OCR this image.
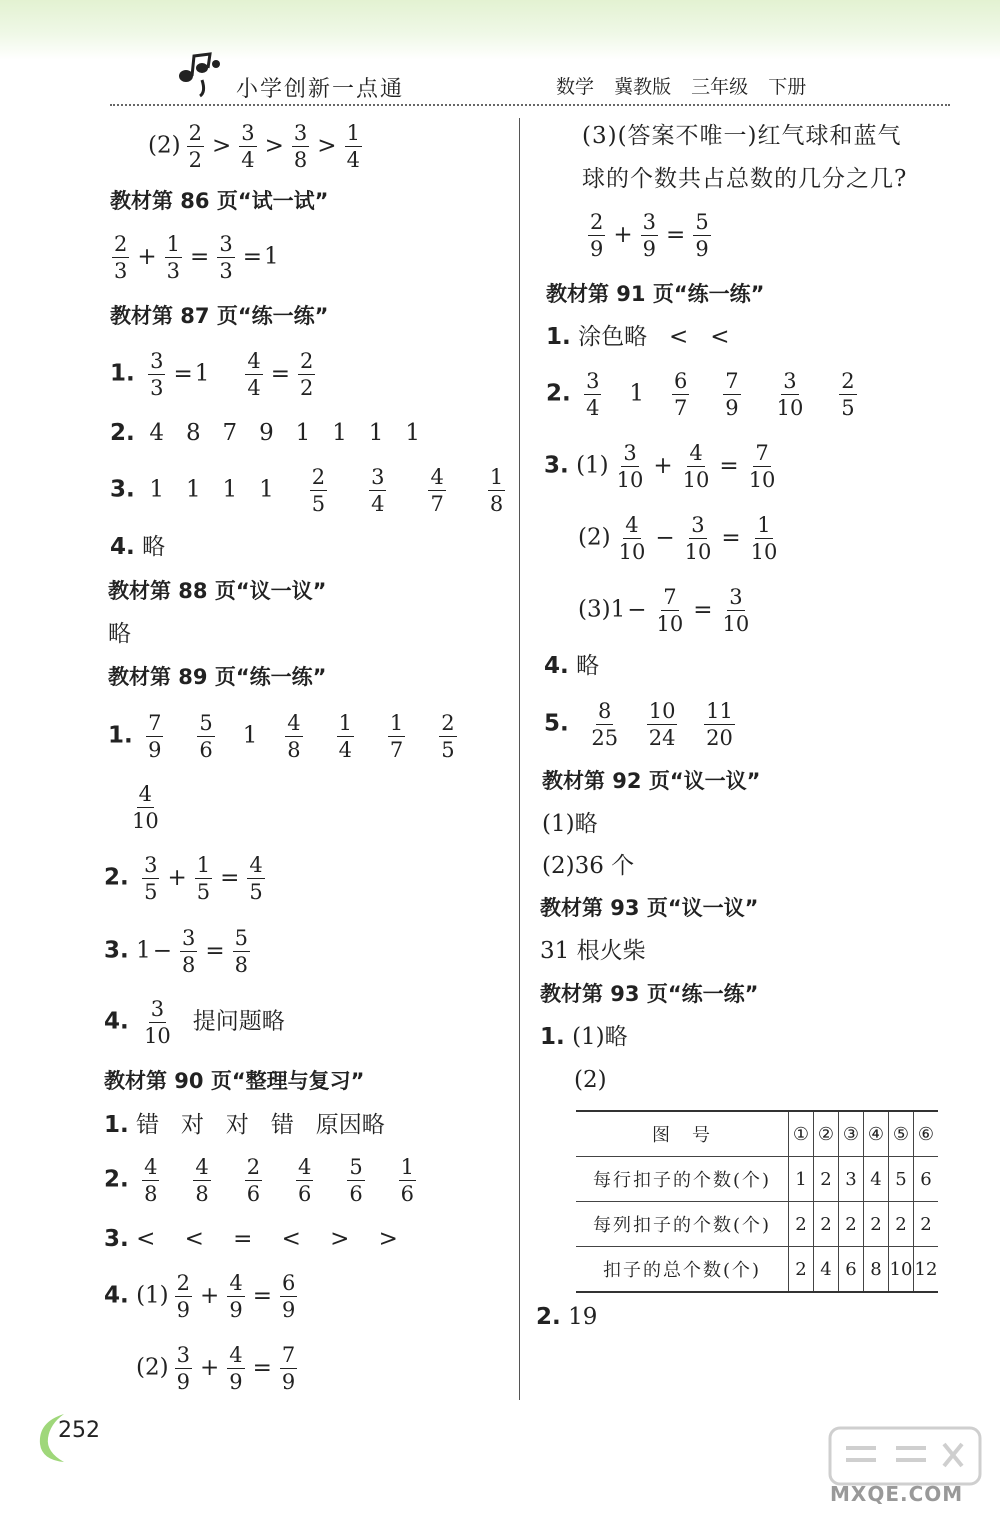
小学创新一点通	数学 冀教版 三年级 下册
$(2) \frac{2}{2} > \frac{3}{4} > \frac{3}{8} > \frac{1}{4}$
教材第 86 页“试一试”
$\frac{2}{3} + \frac{1}{3} = \frac{3}{3} =1$
教材第 87 页“练一练”
1. $\frac{3}{3} =1 \frac{4}{4} = \frac{2}{2}$
2. 4   8   7   9   1   1   1   1
3. 1   1   1   $1 \frac{2}{5} \frac{3}{4} \frac{4}{7} \frac{1}{8}$
4. 略
教材第 88 页“议一议”
略
教材第 89 页“练一练”
1. $\frac{7}{9}$
$\frac{5}{6} 1 \frac{4}{8}$
$\frac{1}{4}$
$\frac{1}{7}$
$\frac{2}{5}$
$\frac{4}{10}$
2. $\frac{3}{5} + \frac{1}{5} = \frac{4}{5}$
3. $1- \frac{3}{8} = \frac{5}{8}$
4. $\frac{3}{10}$ 提问题略
教材第 90 页“整理与复习”
1. 错   对   对   错   原因略
2. $\frac{4}{8}$
$\frac{4}{8}$
$\frac{2}{6}$
$\frac{4}{6}$
$\frac{5}{6}$
$\frac{1}{6}$
3. <    <    =    <    >    >
4. $(1) \frac{2}{9} + \frac{4}{9} = \frac{6}{9}$
$(2) \frac{3}{9} + \frac{4}{9} = \frac{7}{9}$
(3)(答案不唯一)红气球和蓝气
球的个数共占总数的几分之几?
$\frac{2}{9} + \frac{3}{9} = \frac{5}{9}$
教材第 91 页“练一练”
1. 涂色略   <   <
2. $\frac{3}{4} 1 \frac{6}{7}$
$\frac{7}{9}$
$\frac{3}{10}$
$\frac{2}{5}$
3. $(1) \frac{3}{10} + \frac{4}{10} = \frac{7}{10}$
$(2) \frac{4}{10} - \frac{3}{10} = \frac{1}{10}$
$(3)1- \frac{7}{10} = \frac{3}{10}$
4. 略
5. $\frac{8}{25}$
$\frac{10}{24}$
$\frac{11}{20}$
教材第 92 页“议一议”
(1)略
(2)36 个
教材第 93 页“议一议”
31 根火柴
教材第 93 页“练一练”
1. (1)略
(2)
图　号	①	②	③	④	⑤	⑥
每行扣子的个数(个)	1	2	3	4	5	6
每列扣子的个数(个)	2	2	2	2	2	2
扣子的总个数(个)	2	4	6	8	10	12
2. 19
252
MXQE.COM
